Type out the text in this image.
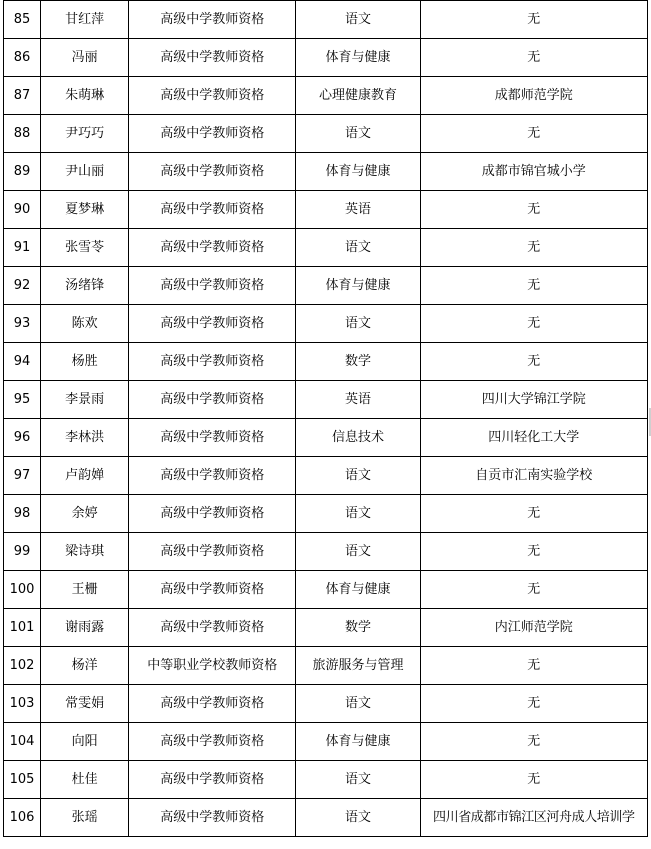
85	甘红萍	高级中学教师资格	语文	无
86	冯丽	高级中学教师资格	体育与健康	无
87	朱萌琳	高级中学教师资格	心理健康教育	成都师范学院
88	尹巧巧	高级中学教师资格	语文	无
89	尹山丽	高级中学教师资格	体育与健康	成都市锦官城小学
90	夏梦琳	高级中学教师资格	英语	无
91	张雪苓	高级中学教师资格	语文	无
92	汤绪锋	高级中学教师资格	体育与健康	无
93	陈欢	高级中学教师资格	语文	无
94	杨胜	高级中学教师资格	数学	无
95	李景雨	高级中学教师资格	英语	四川大学锦江学院
96	李林洪	高级中学教师资格	信息技术	四川轻化工大学
97	卢韵婵	高级中学教师资格	语文	自贡市汇南实验学校
98	余婷	高级中学教师资格	语文	无
99	梁诗琪	高级中学教师资格	语文	无
100	王栅	高级中学教师资格	体育与健康	无
101	谢雨露	高级中学教师资格	数学	内江师范学院
102	杨洋	中等职业学校教师资格	旅游服务与管理	无
103	常雯娟	高级中学教师资格	语文	无
104	向阳	高级中学教师资格	体育与健康	无
105	杜佳	高级中学教师资格	语文	无
106	张瑶	高级中学教师资格	语文	四川省成都市锦江区河舟成人培训学
